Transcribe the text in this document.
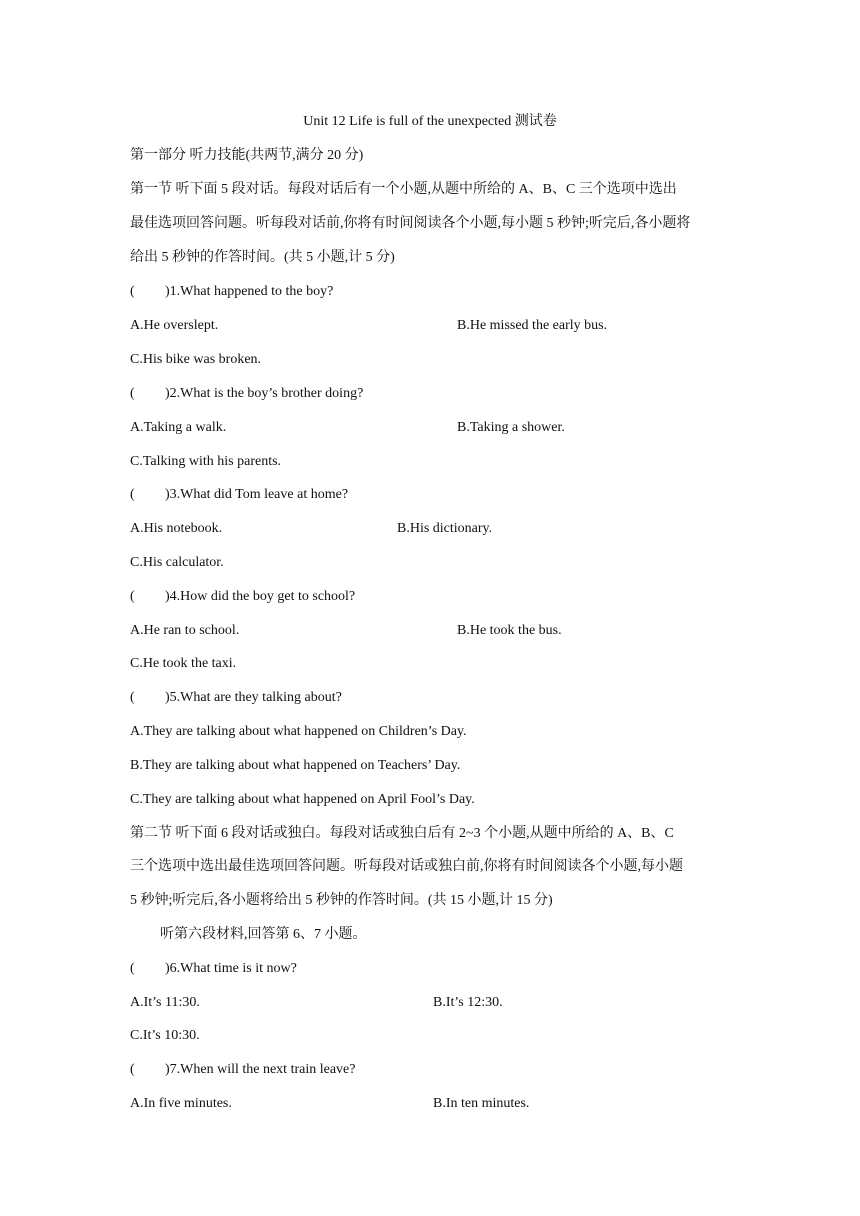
Unit 12 Life is full of the unexpected 测试卷
第一部分 听力技能(共两节,满分 20 分)
第一节 听下面 5 段对话。每段对话后有一个小题,从题中所给的 A、B、C 三个选项中选出
最佳选项回答问题。听每段对话前,你将有时间阅读各个小题,每小题 5 秒钟;听完后,各小题将
给出 5 秒钟的作答时间。(共 5 小题,计 5 分)
( )1.What happened to the boy?
A.He overslept.	B.He missed the early bus.
C.His bike was broken.
( )2.What is the boy’s brother doing?
A.Taking a walk.	B.Taking a shower.
C.Talking with his parents.
( )3.What did Tom leave at home?
A.His notebook.	B.His dictionary.
C.His calculator.
( )4.How did the boy get to school?
A.He ran to school.	B.He took the bus.
C.He took the taxi.
( )5.What are they talking about?
A.They are talking about what happened on Children’s Day.
B.They are talking about what happened on Teachers’ Day.
C.They are talking about what happened on April Fool’s Day.
第二节 听下面 6 段对话或独白。每段对话或独白后有 2~3 个小题,从题中所给的 A、B、C
三个选项中选出最佳选项回答问题。听每段对话或独白前,你将有时间阅读各个小题,每小题
5 秒钟;听完后,各小题将给出 5 秒钟的作答时间。(共 15 小题,计 15 分)
听第六段材料,回答第 6、7 小题。
( )6.What time is it now?
A.It’s 11:30.	B.It’s 12:30.
C.It’s 10:30.
( )7.When will the next train leave?
A.In five minutes.	B.In ten minutes.
